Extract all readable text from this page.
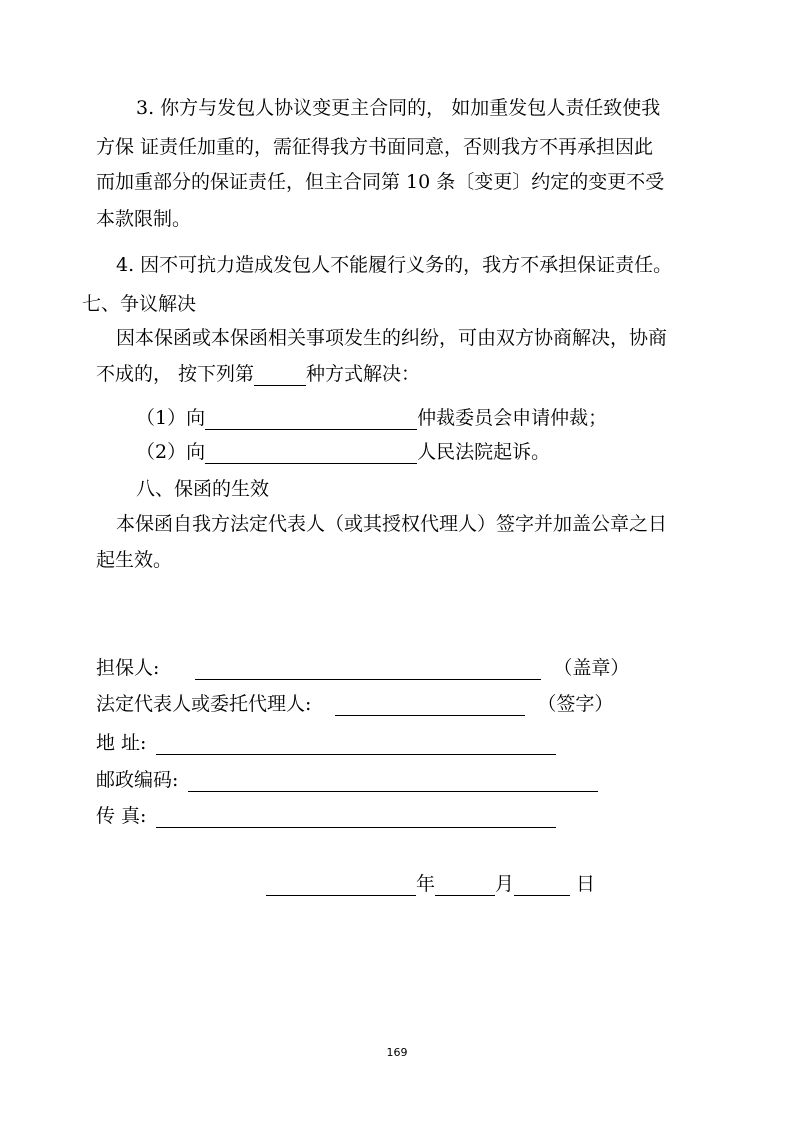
3. 你方与发包人协议变更主合同的， 如加重发包人责任致使我
方保 证责任加重的，需征得我方书面同意，否则我方不再承担因此
而加重部分的保证责任，但主合同第 10 条〔变更〕约定的变更不受
本款限制。
4. 因不可抗力造成发包人不能履行义务的，我方不承担保证责任。
七、争议解决
因本保函或本保函相关事项发生的纠纷，可由双方协商解决，协商
不成的， 按下列第	种方式解决：
（1）向	仲裁委员会申请仲裁；
（2）向	人民法院起诉。
八、保函的生效
本保函自我方法定代表人（或其授权代理人）签字并加盖公章之日
起生效。
担保人:	（盖章）
法定代表人或委托代理人:	（签字）
地 址:
邮政编码:
传 真:
年	月	日
169
